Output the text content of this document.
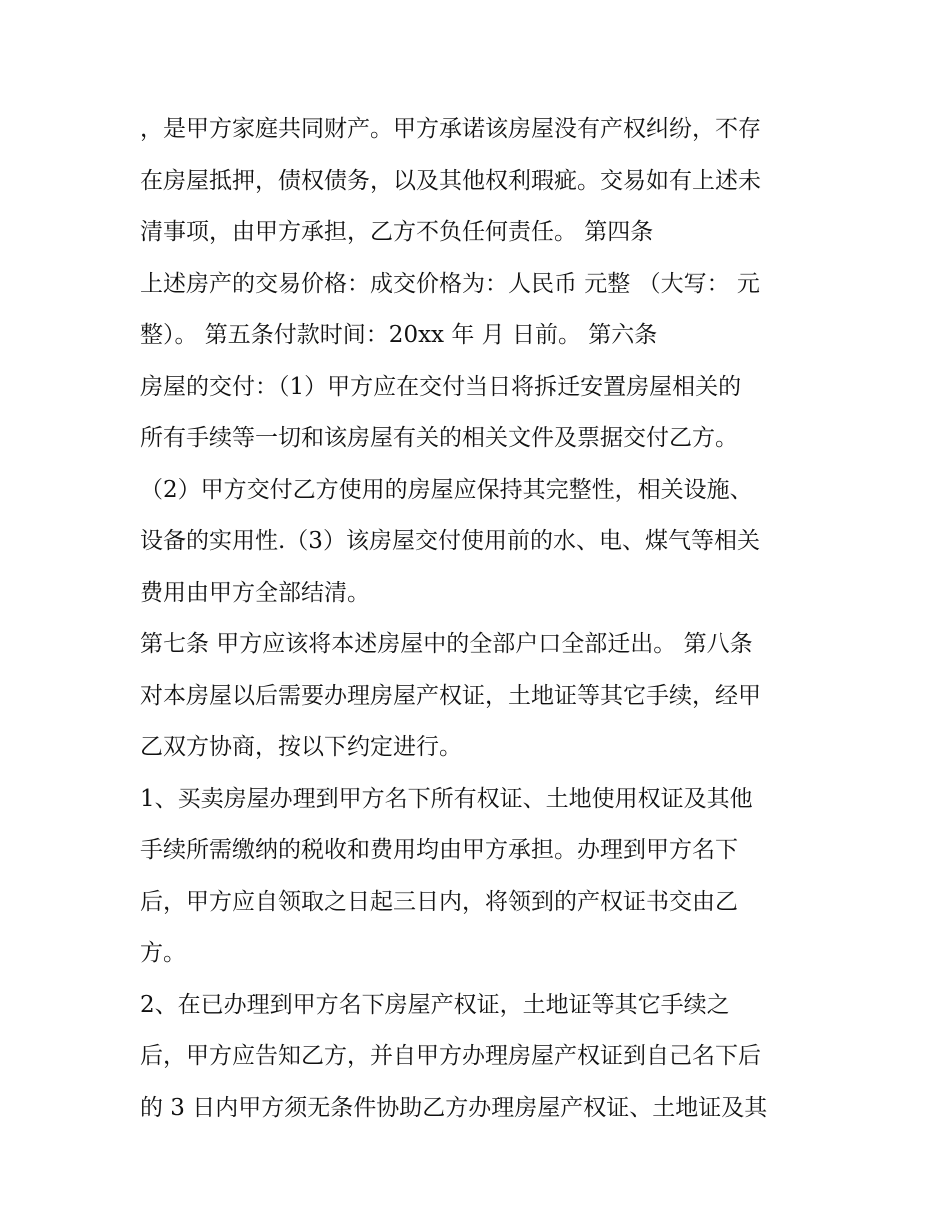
，是甲方家庭共同财产。甲方承诺该房屋没有产权纠纷，不存
在房屋抵押，债权债务，以及其他权利瑕疵。交易如有上述未
清事项，由甲方承担，乙方不负任何责任。 第四条
上述房产的交易价格：成交价格为：人民币 元整 （大写： 元
整）。 第五条付款时间：20xx 年 月 日前。 第六条
房屋的交付：（1）甲方应在交付当日将拆迁安置房屋相关的
所有手续等一切和该房屋有关的相关文件及票据交付乙方。
（2）甲方交付乙方使用的房屋应保持其完整性，相关设施、
设备的实用性.（3）该房屋交付使用前的水、电、煤气等相关
费用由甲方全部结清。
第七条 甲方应该将本述房屋中的全部户口全部迁出。 第八条
对本房屋以后需要办理房屋产权证，土地证等其它手续，经甲
乙双方协商，按以下约定进行。
1、买卖房屋办理到甲方名下所有权证、土地使用权证及其他
手续所需缴纳的税收和费用均由甲方承担。办理到甲方名下
后，甲方应自领取之日起三日内，将领到的产权证书交由乙
方。
2、在已办理到甲方名下房屋产权证，土地证等其它手续之
后，甲方应告知乙方，并自甲方办理房屋产权证到自己名下后
的 3 日内甲方须无条件协助乙方办理房屋产权证、土地证及其
